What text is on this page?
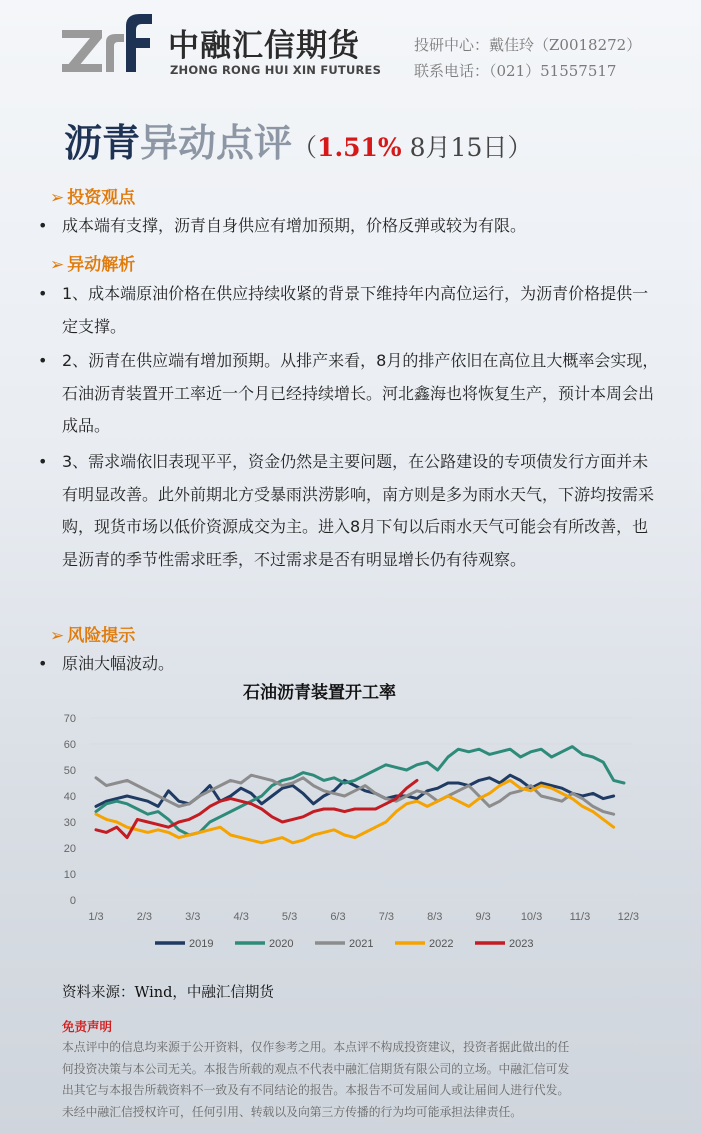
中融汇信期货
ZHONG RONG HUI XIN FUTURES
投研中心：戴佳玲（Z0018272）
联系电话：（021）51557517
沥青异动点评（1.51% 8月15日）
➢ 投资观点
• 成本端有支撑，沥青自身供应有增加预期，价格反弹或较为有限。
➢ 异动解析
• 1、成本端原油价格在供应持续收紧的背景下维持年内高位运行，为沥青价格提供一定支撑。
• 2、沥青在供应端有增加预期。从排产来看，8月的排产依旧在高位且大概率会实现，石油沥青装置开工率近一个月已经持续增长。河北鑫海也将恢复生产，预计本周会出成品。
• 3、需求端依旧表现平平，资金仍然是主要问题，在公路建设的专项债发行方面并未有明显改善。此外前期北方受暴雨洪涝影响，南方则是多为雨水天气，下游均按需采购，现货市场以低价资源成交为主。进入8月下旬以后雨水天气可能会有所改善，也是沥青的季节性需求旺季，不过需求是否有明显增长仍有待观察。
➢ 风险提示
• 原油大幅波动。
石油沥青装置开工率
0
10
20
30
40
50
60
70
1/3	2/3	3/3	4/3	5/3	6/3	7/3	8/3	9/3	10/3 11/3 12/3
2019	2020	2021	2022	2023
资料来源：Wind，中融汇信期货
免责声明
本点评中的信息均来源于公开资料，仅作参考之用。本点评不构成投资建议，投资者据此做出的任
何投资决策与本公司无关。本报告所载的观点不代表中融汇信期货有限公司的立场。中融汇信可发
出其它与本报告所载资料不一致及有不同结论的报告。本报告不可发届间人或让届间人进行代发。
未经中融汇信授权许可，任何引用、转载以及向第三方传播的行为均可能承担法律责任。
